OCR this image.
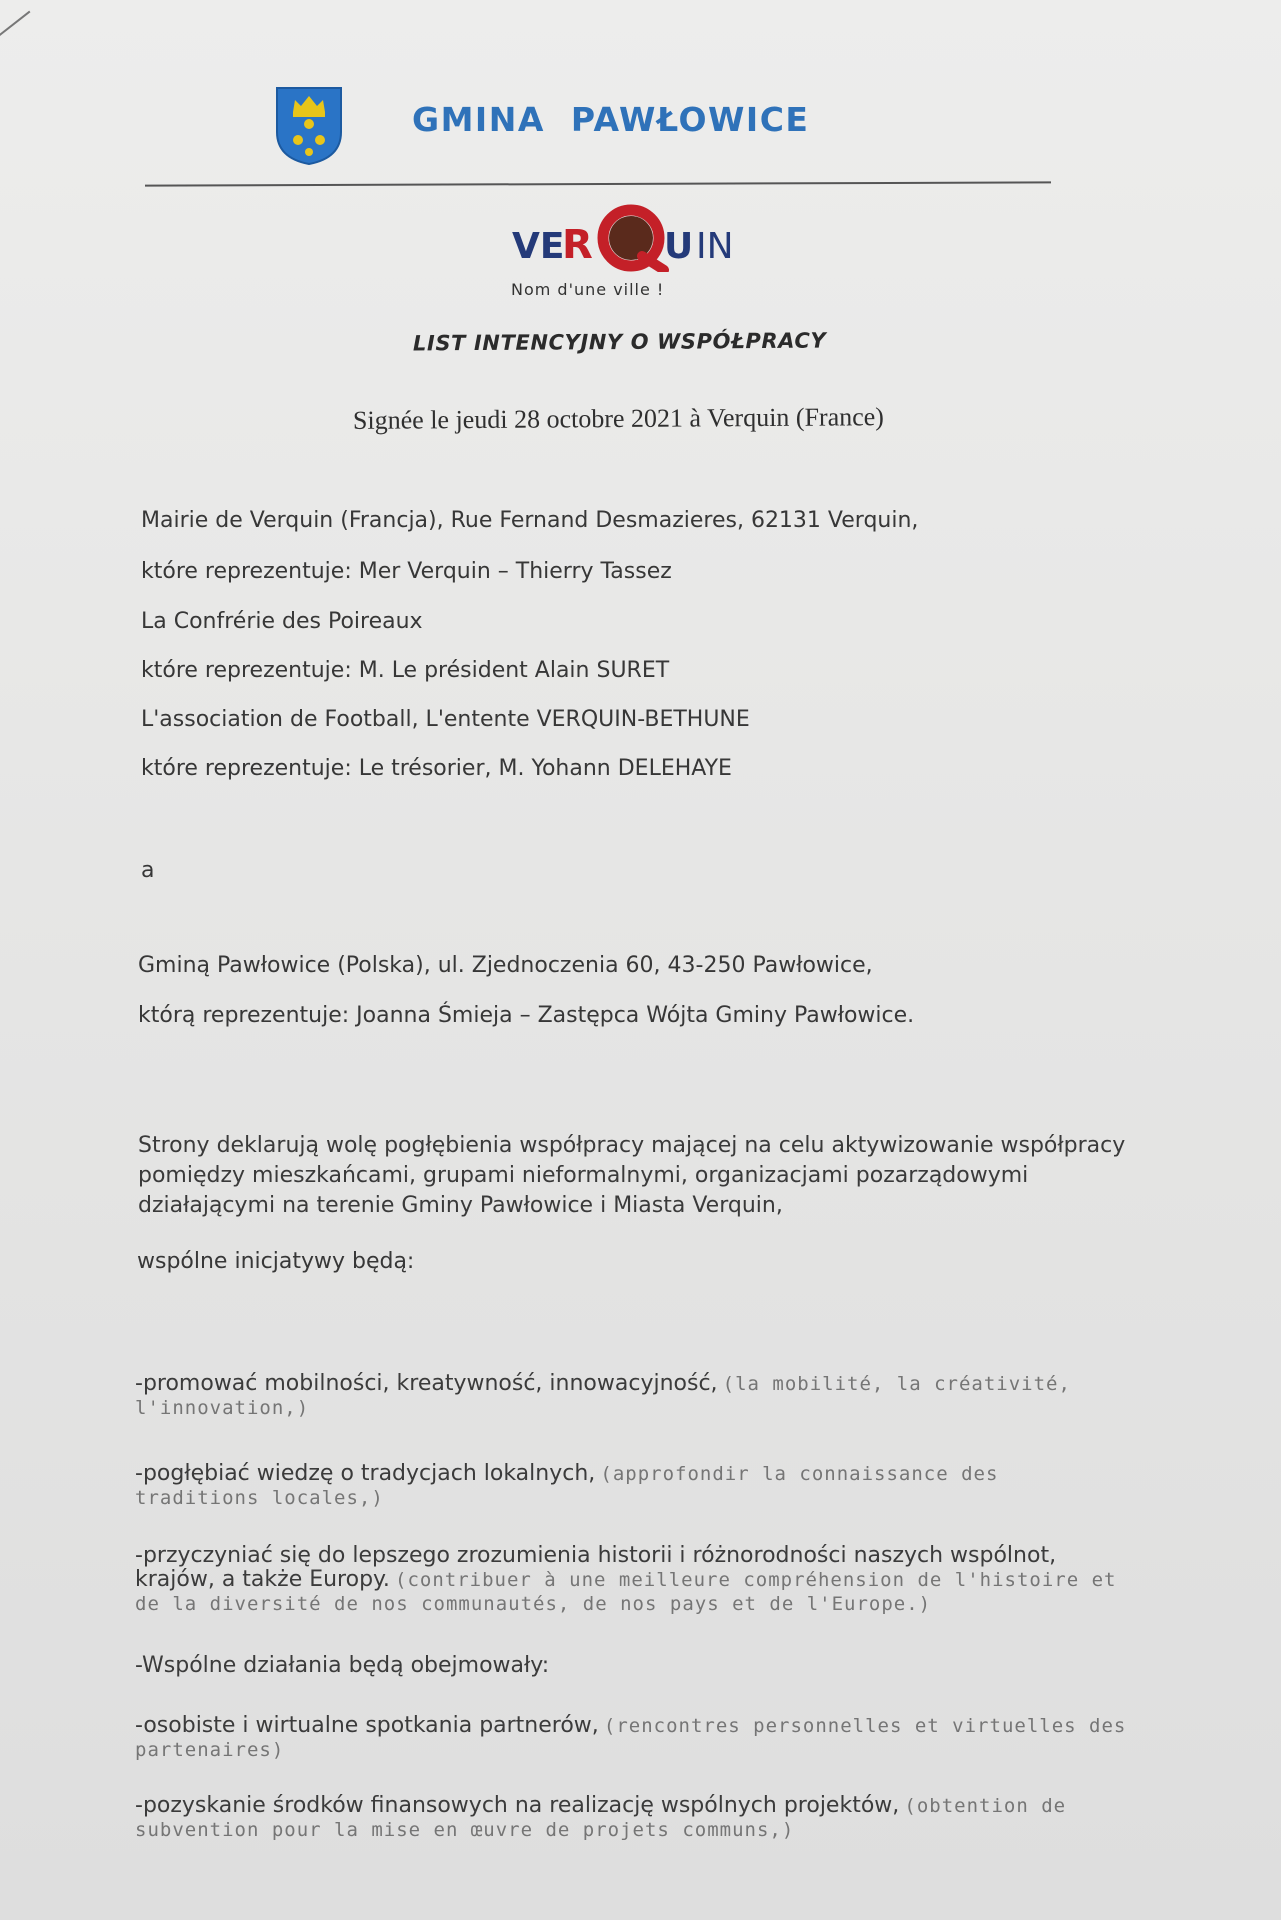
GMINA  PAWŁOWICE
VE
R U IN
Nom d'une ville !
LIST INTENCYJNY O WSPÓŁPRACY
Signée le jeudi 28 octobre 2021 à Verquin (France)
Mairie de Verquin (Francja), Rue Fernand Desmazieres, 62131 Verquin,
które reprezentuje: Mer Verquin – Thierry Tassez
La Confrérie des Poireaux
które reprezentuje: M. Le président Alain SURET
L'association de Football, L'entente VERQUIN-BETHUNE
które reprezentuje: Le trésorier, M. Yohann DELEHAYE
a
Gminą Pawłowice (Polska), ul. Zjednoczenia 60, 43-250 Pawłowice,
którą reprezentuje: Joanna Śmieja – Zastępca Wójta Gminy Pawłowice.
Strony deklarują wolę pogłębienia współpracy mającej na celu aktywizowanie współpracy pomiędzy mieszkańcami, grupami nieformalnymi, organizacjami pozarządowymi działającymi na terenie Gminy Pawłowice i Miasta Verquin,
wspólne inicjatywy będą:
-promować mobilności, kreatywność, innowacyjność, (la mobilité, la créativité, l'innovation,)
-pogłębiać wiedzę o tradycjach lokalnych, (approfondir la connaissance des traditions locales,)
-przyczyniać się do lepszego zrozumienia historii i różnorodności naszych wspólnot, krajów, a także Europy. (contribuer à une meilleure compréhension de l'histoire et de la diversité de nos communautés, de nos pays et de l'Europe.)
-Wspólne działania będą obejmowały:
-osobiste i wirtualne spotkania partnerów, (rencontres personnelles et virtuelles des partenaires)
-pozyskanie środków finansowych na realizację wspólnych projektów, (obtention de subvention pour la mise en œuvre de projets communs,)
